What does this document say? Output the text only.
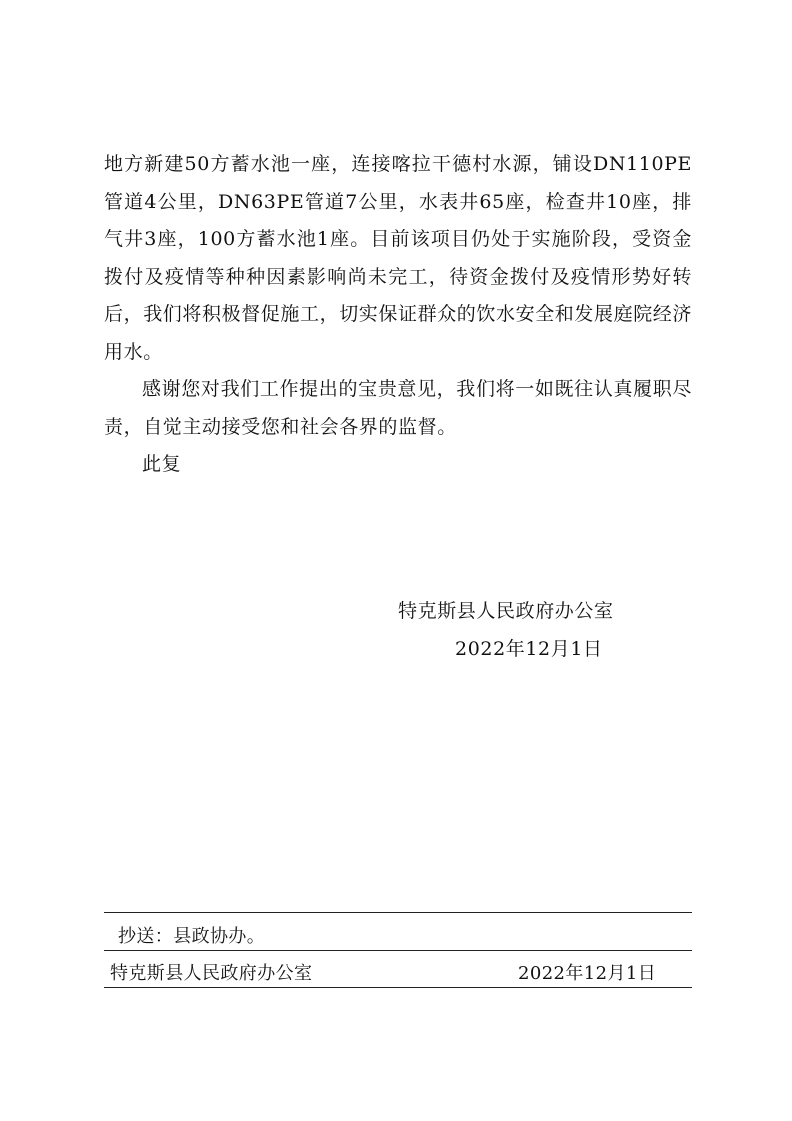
地方新建50方蓄水池一座，连接喀拉干德村水源，铺设DN110PE管道4公里，DN63PE管道7公里，水表井65座，检查井10座，排气井3座，100方蓄水池1座。目前该项目仍处于实施阶段，受资金拨付及疫情等种种因素影响尚未完工，待资金拨付及疫情形势好转后，我们将积极督促施工，切实保证群众的饮水安全和发展庭院经济用水。

感谢您对我们工作提出的宝贵意见，我们将一如既往认真履职尽责，自觉主动接受您和社会各界的监督。

此复

特克斯县人民政府办公室
2022年12月1日
抄送：县政协办。
特克斯县人民政府办公室	2022年12月1日
